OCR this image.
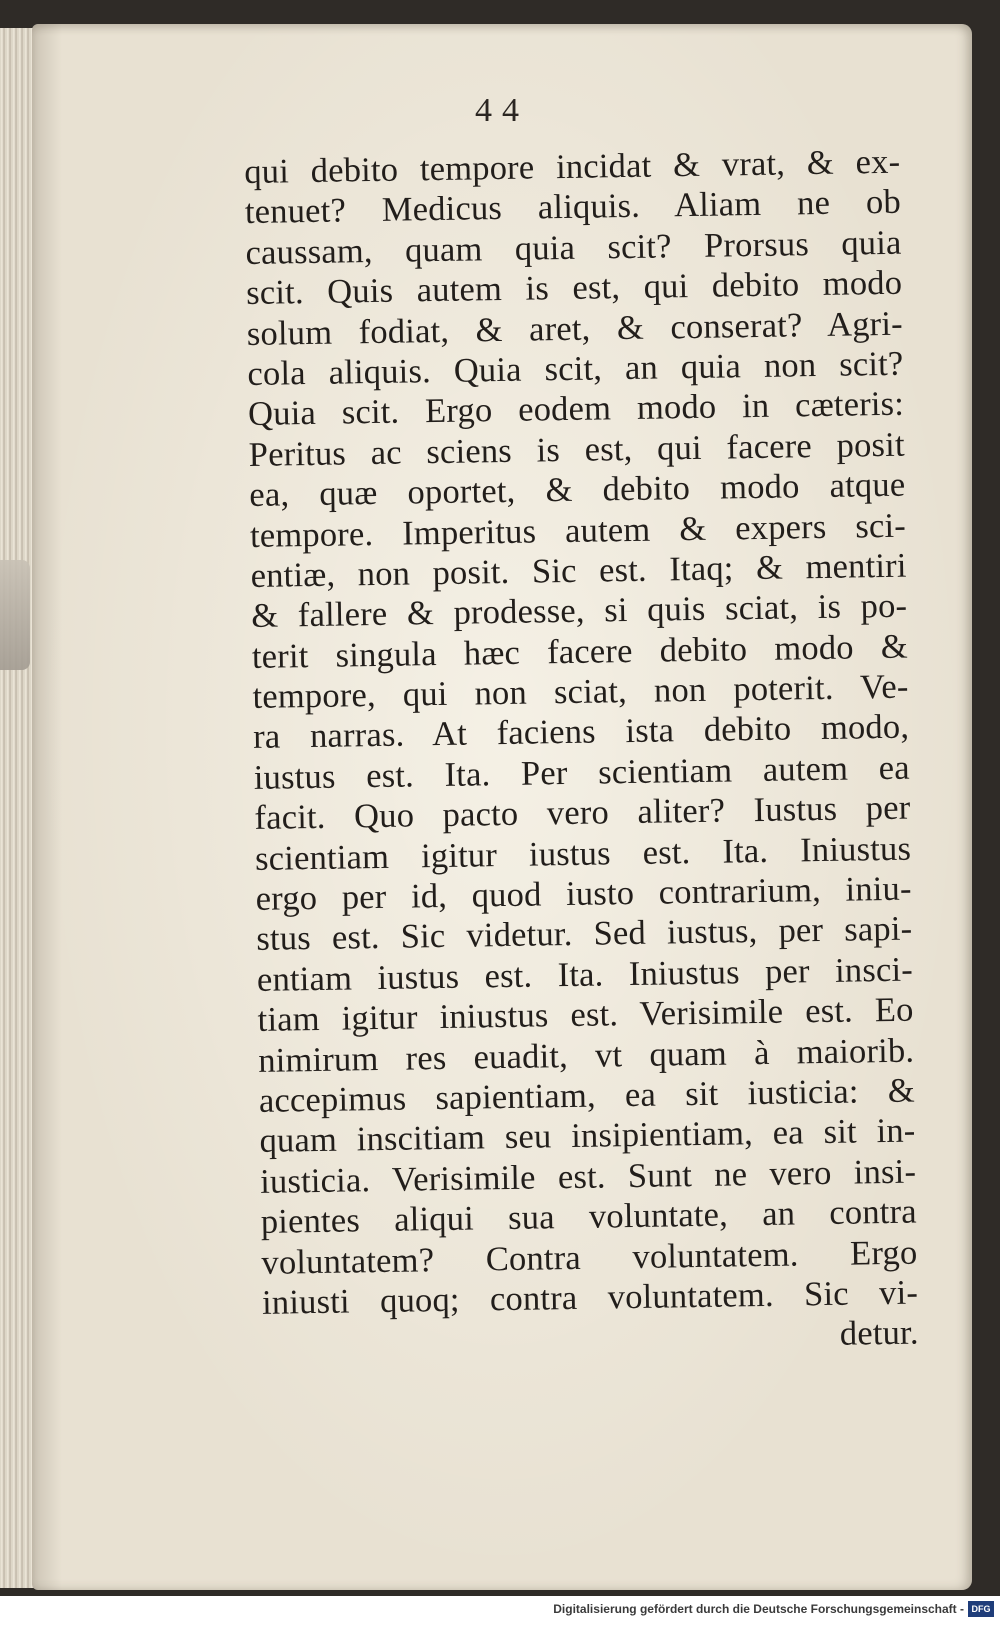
44
qui debito tempore incidat & vrat, & ex-
tenuet? Medicus aliquis. Aliam ne ob
caussam, quam quia scit? Prorsus quia
scit. Quis autem is est, qui debito modo
solum fodiat, & aret, & conserat? Agri-
cola aliquis. Quia scit, an quia non scit?
Quia scit. Ergo eodem modo in cæteris:
Peritus ac sciens is est, qui facere posit
ea, quæ oportet, & debito modo atque
tempore. Imperitus autem & expers sci-
entiæ, non posit. Sic est. Itaq; & mentiri
& fallere & prodesse, si quis sciat, is po-
terit singula hæc facere debito modo &
tempore, qui non sciat, non poterit. Ve-
ra narras. At faciens ista debito modo,
iustus est. Ita. Per scientiam autem ea
facit. Quo pacto vero aliter? Iustus per
scientiam igitur iustus est. Ita. Iniustus
ergo per id, quod iusto contrarium, iniu-
stus est. Sic videtur. Sed iustus, per sapi-
entiam iustus est. Ita. Iniustus per insci-
tiam igitur iniustus est. Verisimile est. Eo
nimirum res euadit, vt quam à maiorib.
accepimus sapientiam, ea sit iusticia: &
quam inscitiam seu insipientiam, ea sit in-
iusticia. Verisimile est. Sunt ne vero insi-
pientes aliqui sua voluntate, an contra
voluntatem? Contra voluntatem. Ergo
iniusti quoq; contra voluntatem. Sic vi-
detur.
Digitalisierung gefördert durch die Deutsche Forschungsgemeinschaft - DFG
